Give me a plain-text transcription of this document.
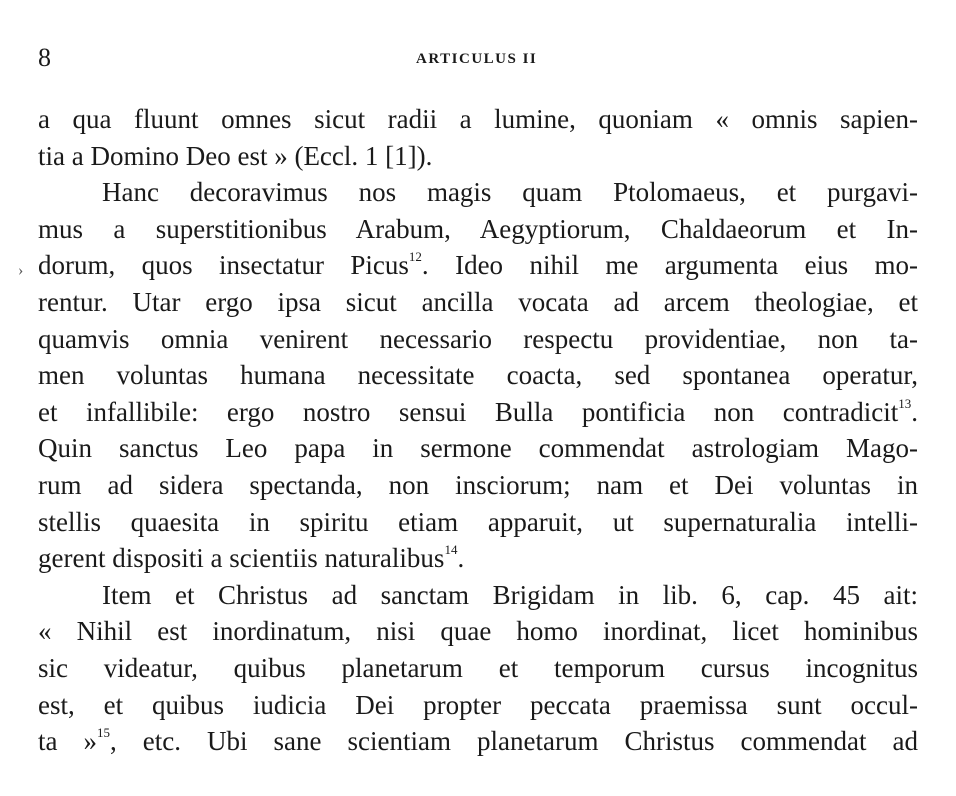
8	ARTICULUS II
›
a qua fluunt omnes sicut radii a lumine, quoniam « omnis sapien-
tia a Domino Deo est » (Eccl. 1 [1]).
Hanc decoravimus nos magis quam Ptolomaeus, et purgavi-
mus a superstitionibus Arabum, Aegyptiorum, Chaldaeorum et In-
dorum, quos insectatur Picus$^{12}$. Ideo nihil me argumenta eius mo-
rentur. Utar ergo ipsa sicut ancilla vocata ad arcem theologiae, et
quamvis omnia venirent necessario respectu providentiae, non ta-
men voluntas humana necessitate coacta, sed spontanea operatur,
et infallibile: ergo nostro sensui Bulla pontificia non contradicit$^{13}$.
Quin sanctus Leo papa in sermone commendat astrologiam Mago-
rum ad sidera spectanda, non insciorum; nam et Dei voluntas in
stellis quaesita in spiritu etiam apparuit, ut supernaturalia intelli-
gerent dispositi a scientiis naturalibus$^{14}$.
Item et Christus ad sanctam Brigidam in lib. 6, cap. 45 ait:
« Nihil est inordinatum, nisi quae homo inordinat, licet hominibus
sic videatur, quibus planetarum et temporum cursus incognitus
est, et quibus iudicia Dei propter peccata praemissa sunt occul-
ta »$^{15}$, etc. Ubi sane scientiam planetarum Christus commendat ad
